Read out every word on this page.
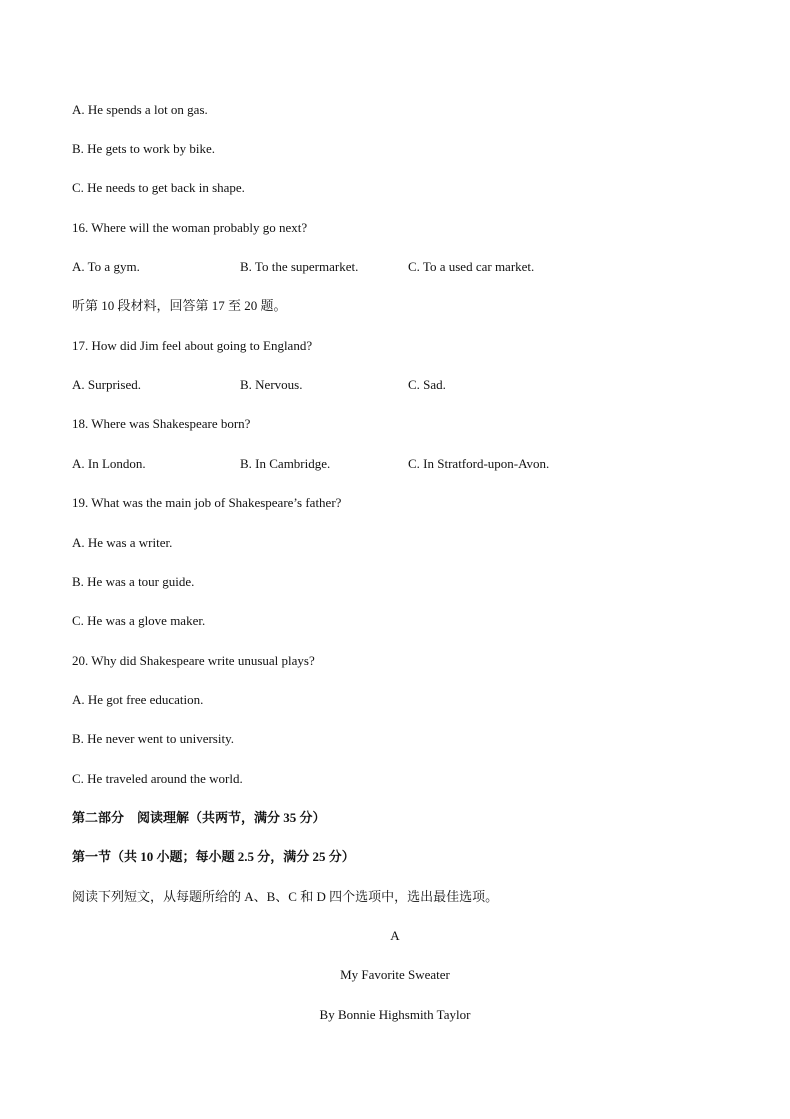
A. He spends a lot on gas.
B. He gets to work by bike.
C. He needs to get back in shape.
16. Where will the woman probably go next?
A. To a gym.	B. To the supermarket.	C. To a used car market.
听第 10 段材料，回答第 17 至 20 题。
17. How did Jim feel about going to England?
A. Surprised.	B. Nervous.	C. Sad.
18. Where was Shakespeare born?
A. In London.	B. In Cambridge.	C. In Stratford-upon-Avon.
19. What was the main job of Shakespeare’s father?
A. He was a writer.
B. He was a tour guide.
C. He was a glove maker.
20. Why did Shakespeare write unusual plays?
A. He got free education.
B. He never went to university.
C. He traveled around the world.
第二部分　阅读理解（共两节，满分 35 分）
第一节（共 10 小题；每小题 2.5 分，满分 25 分）
阅读下列短文，从每题所给的 A、B、C 和 D 四个选项中，选出最佳选项。
A
My Favorite Sweater
By Bonnie Highsmith Taylor
